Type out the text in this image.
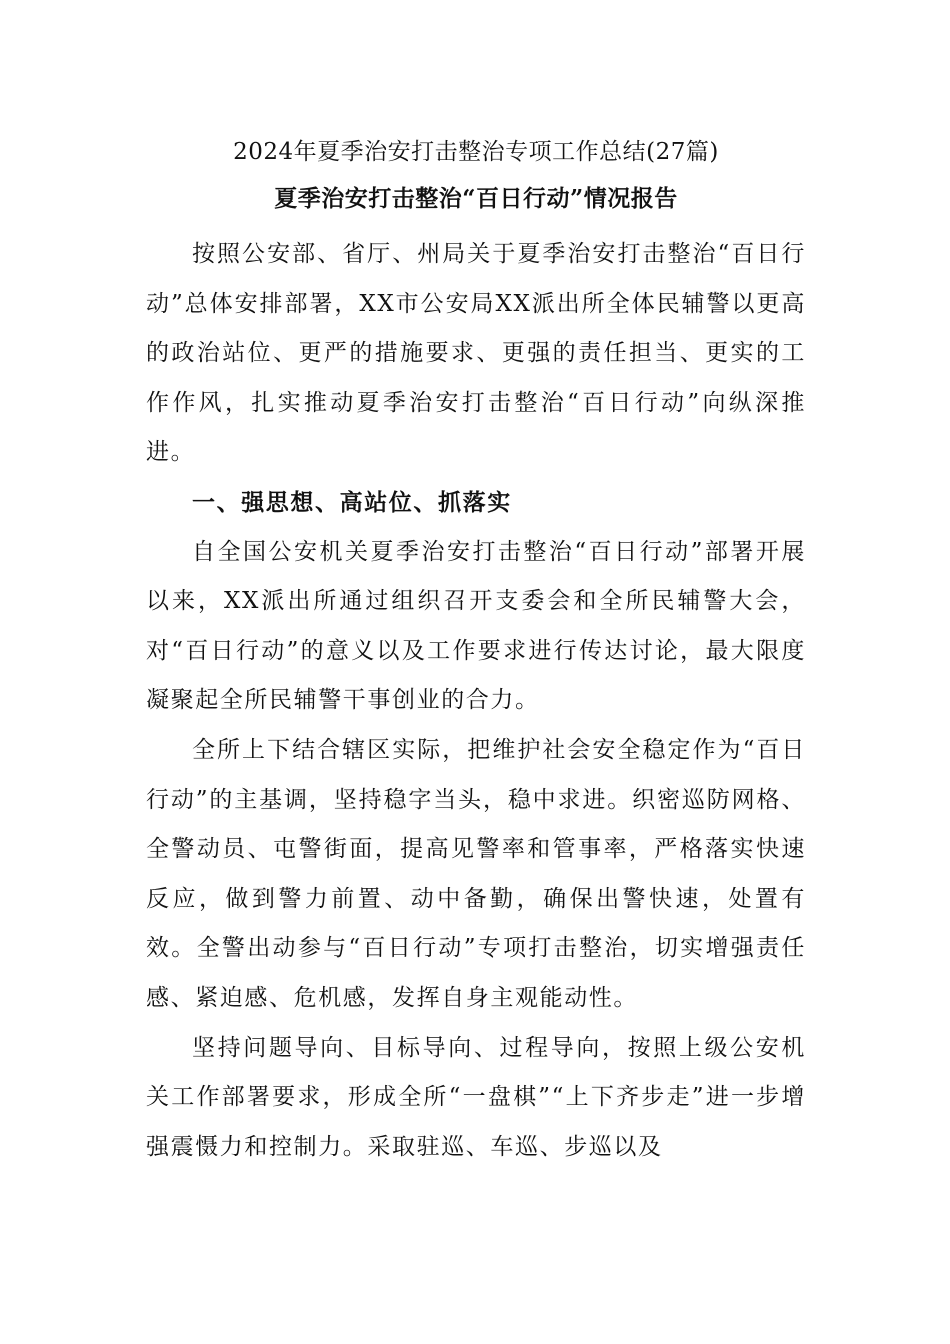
2024年夏季治安打击整治专项工作总结(27篇)
夏季治安打击整治“百日行动”情况报告

按照公安部、省厅、州局关于夏季治安打击整治“百日行动”总体安排部署，XX市公安局XX派出所全体民辅警以更高的政治站位、更严的措施要求、更强的责任担当、更实的工作作风，扎实推动夏季治安打击整治“百日行动”向纵深推进。

一、强思想、高站位、抓落实

自全国公安机关夏季治安打击整治“百日行动”部署开展以来，XX派出所通过组织召开支委会和全所民辅警大会，对“百日行动”的意义以及工作要求进行传达讨论，最大限度凝聚起全所民辅警干事创业的合力。

全所上下结合辖区实际，把维护社会安全稳定作为“百日行动”的主基调，坚持稳字当头，稳中求进。织密巡防网格、全警动员、屯警街面，提高见警率和管事率，严格落实快速反应，做到警力前置、动中备勤，确保出警快速，处置有效。全警出动参与“百日行动”专项打击整治，切实增强责任感、紧迫感、危机感，发挥自身主观能动性。

坚持问题导向、目标导向、过程导向，按照上级公安机关工作部署要求，形成全所“一盘棋”“上下齐步走”进一步增强震慑力和控制力。采取驻巡、车巡、步巡以及
